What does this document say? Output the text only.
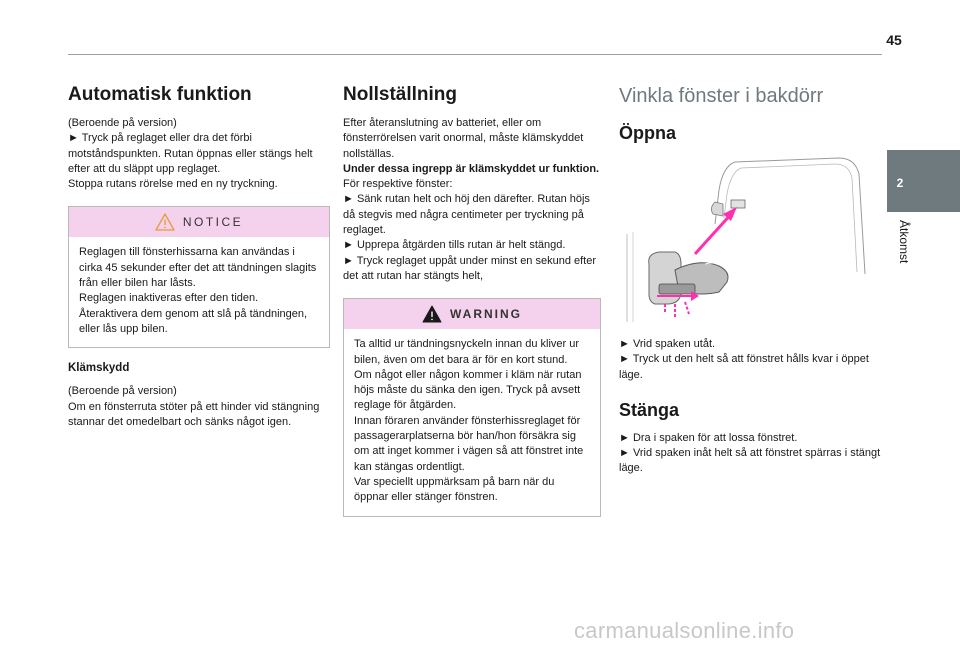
45
2
Åtkomst
Automatisk funktion

(Beroende på version)

► Tryck på reglaget eller dra det förbi motståndspunkten. Rutan öppnas eller stängs helt efter att du släppt upp reglaget.

Stoppa rutans rörelse med en ny tryckning.

NOTICE

Reglagen till fönsterhissarna kan användas i cirka 45 sekunder efter det att tändningen slagits från eller bilen har låsts.

Reglagen inaktiveras efter den tiden. Återaktivera dem genom att slå på tändningen, eller lås upp bilen.

Klämskydd

(Beroende på version)

Om en fönsterruta stöter på ett hinder vid stängning stannar det omedelbart och sänks något igen.

Nollställning

Efter återanslutning av batteriet, eller om fönsterrörelsen varit onormal, måste klämskyddet nollställas.

Under dessa ingrepp är klämskyddet ur funktion.

För respektive fönster:

► Sänk rutan helt och höj den därefter. Rutan höjs då stegvis med några centimeter per tryckning på reglaget.

► Upprepa åtgärden tills rutan är helt stängd.

► Tryck reglaget uppåt under minst en sekund efter det att rutan har stängts helt,

WARNING

Ta alltid ur tändningsnyckeln innan du kliver ur bilen, även om det bara är för en kort stund.

Om något eller någon kommer i kläm när rutan höjs måste du sänka den igen. Tryck på avsett reglage för åtgärden.

Innan föraren använder fönsterhissreglaget för passagerarplatserna bör han/hon försäkra sig om att inget kommer i vägen så att fönstret inte kan stängas ordentligt.

Var speciellt uppmärksam på barn när du öppnar eller stänger fönstren.

Vinkla fönster i bakdörr
Öppna

► Vrid spaken utåt.

► Tryck ut den helt så att fönstret hålls kvar i öppet läge.

Stänga

► Dra i spaken för att lossa fönstret.

► Vrid spaken inåt helt så att fönstret spärras i stängt läge.

carmanualsonline.info
